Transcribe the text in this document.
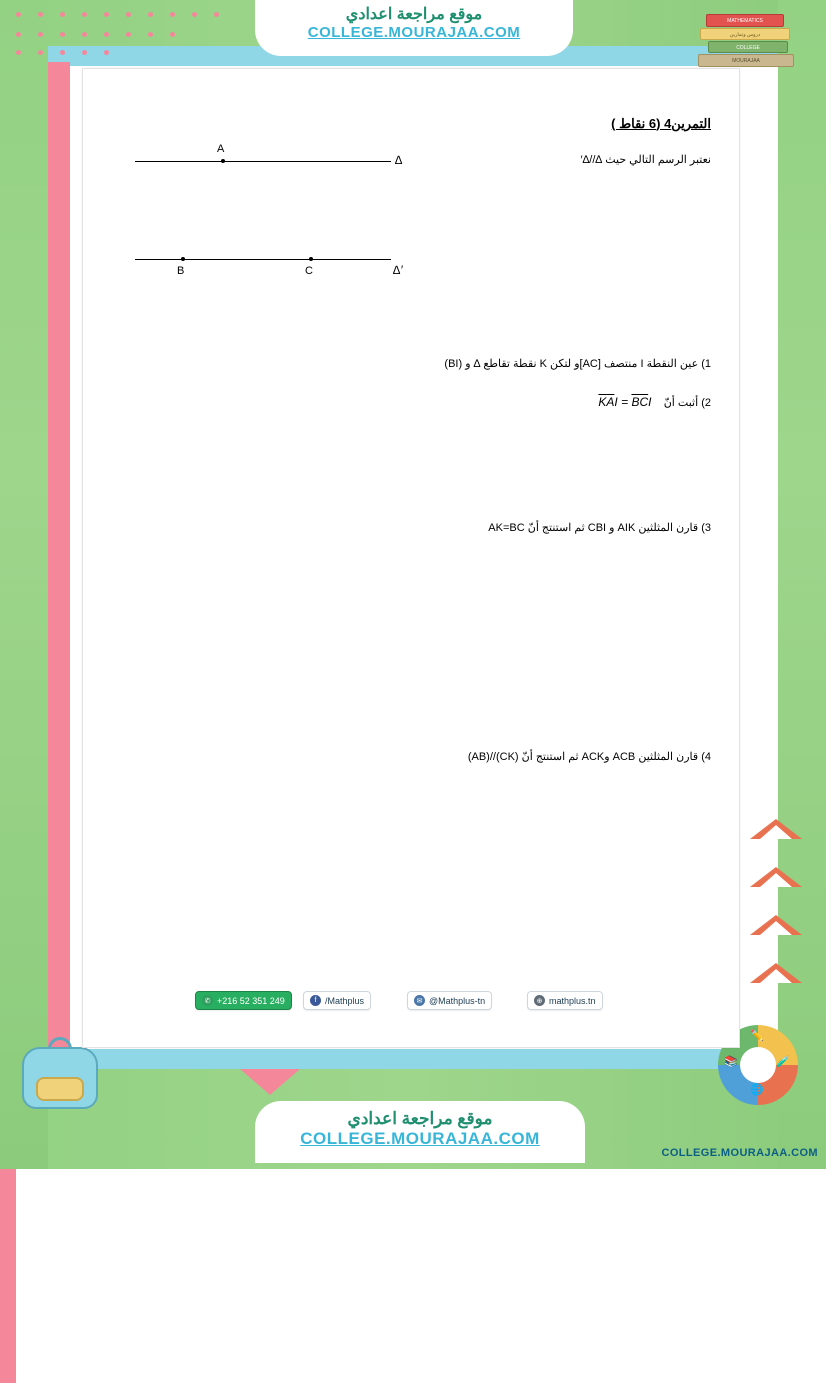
MATHEMATICS
دروس وتمارين
COLLEGE
MOURAJAA
📚
✏️
🧪
🌐
التمرين4 (6 نقاط )
نعتبر الرسم التالي حيث ∆//∆′
A
∆
B	C	∆′
1) عين النقطة I منتصف [AC]و لتكن K نقطة تقاطع ∆ و (BI)
2) أثبت أنّ    $\overline{K}\overline{A}I = \overline{B}\overline{C}I$
3) قارن المثلثين AIK و CBI ثم استنتج أنّ AK=BC
4) قارن المثلثين ACB وACK ثم استنتج أنّ (CK)//(AB)
✆ +216 52 351 249	f /Mathplus	✉ @Mathplus-tn	⊕ mathplus.tn
موقع مراجعة اعدادي
COLLEGE.MOURAJAA.COM
موقع مراجعة اعدادي
COLLEGE.MOURAJAA.COM
COLLEGE.MOURAJAA.COM
